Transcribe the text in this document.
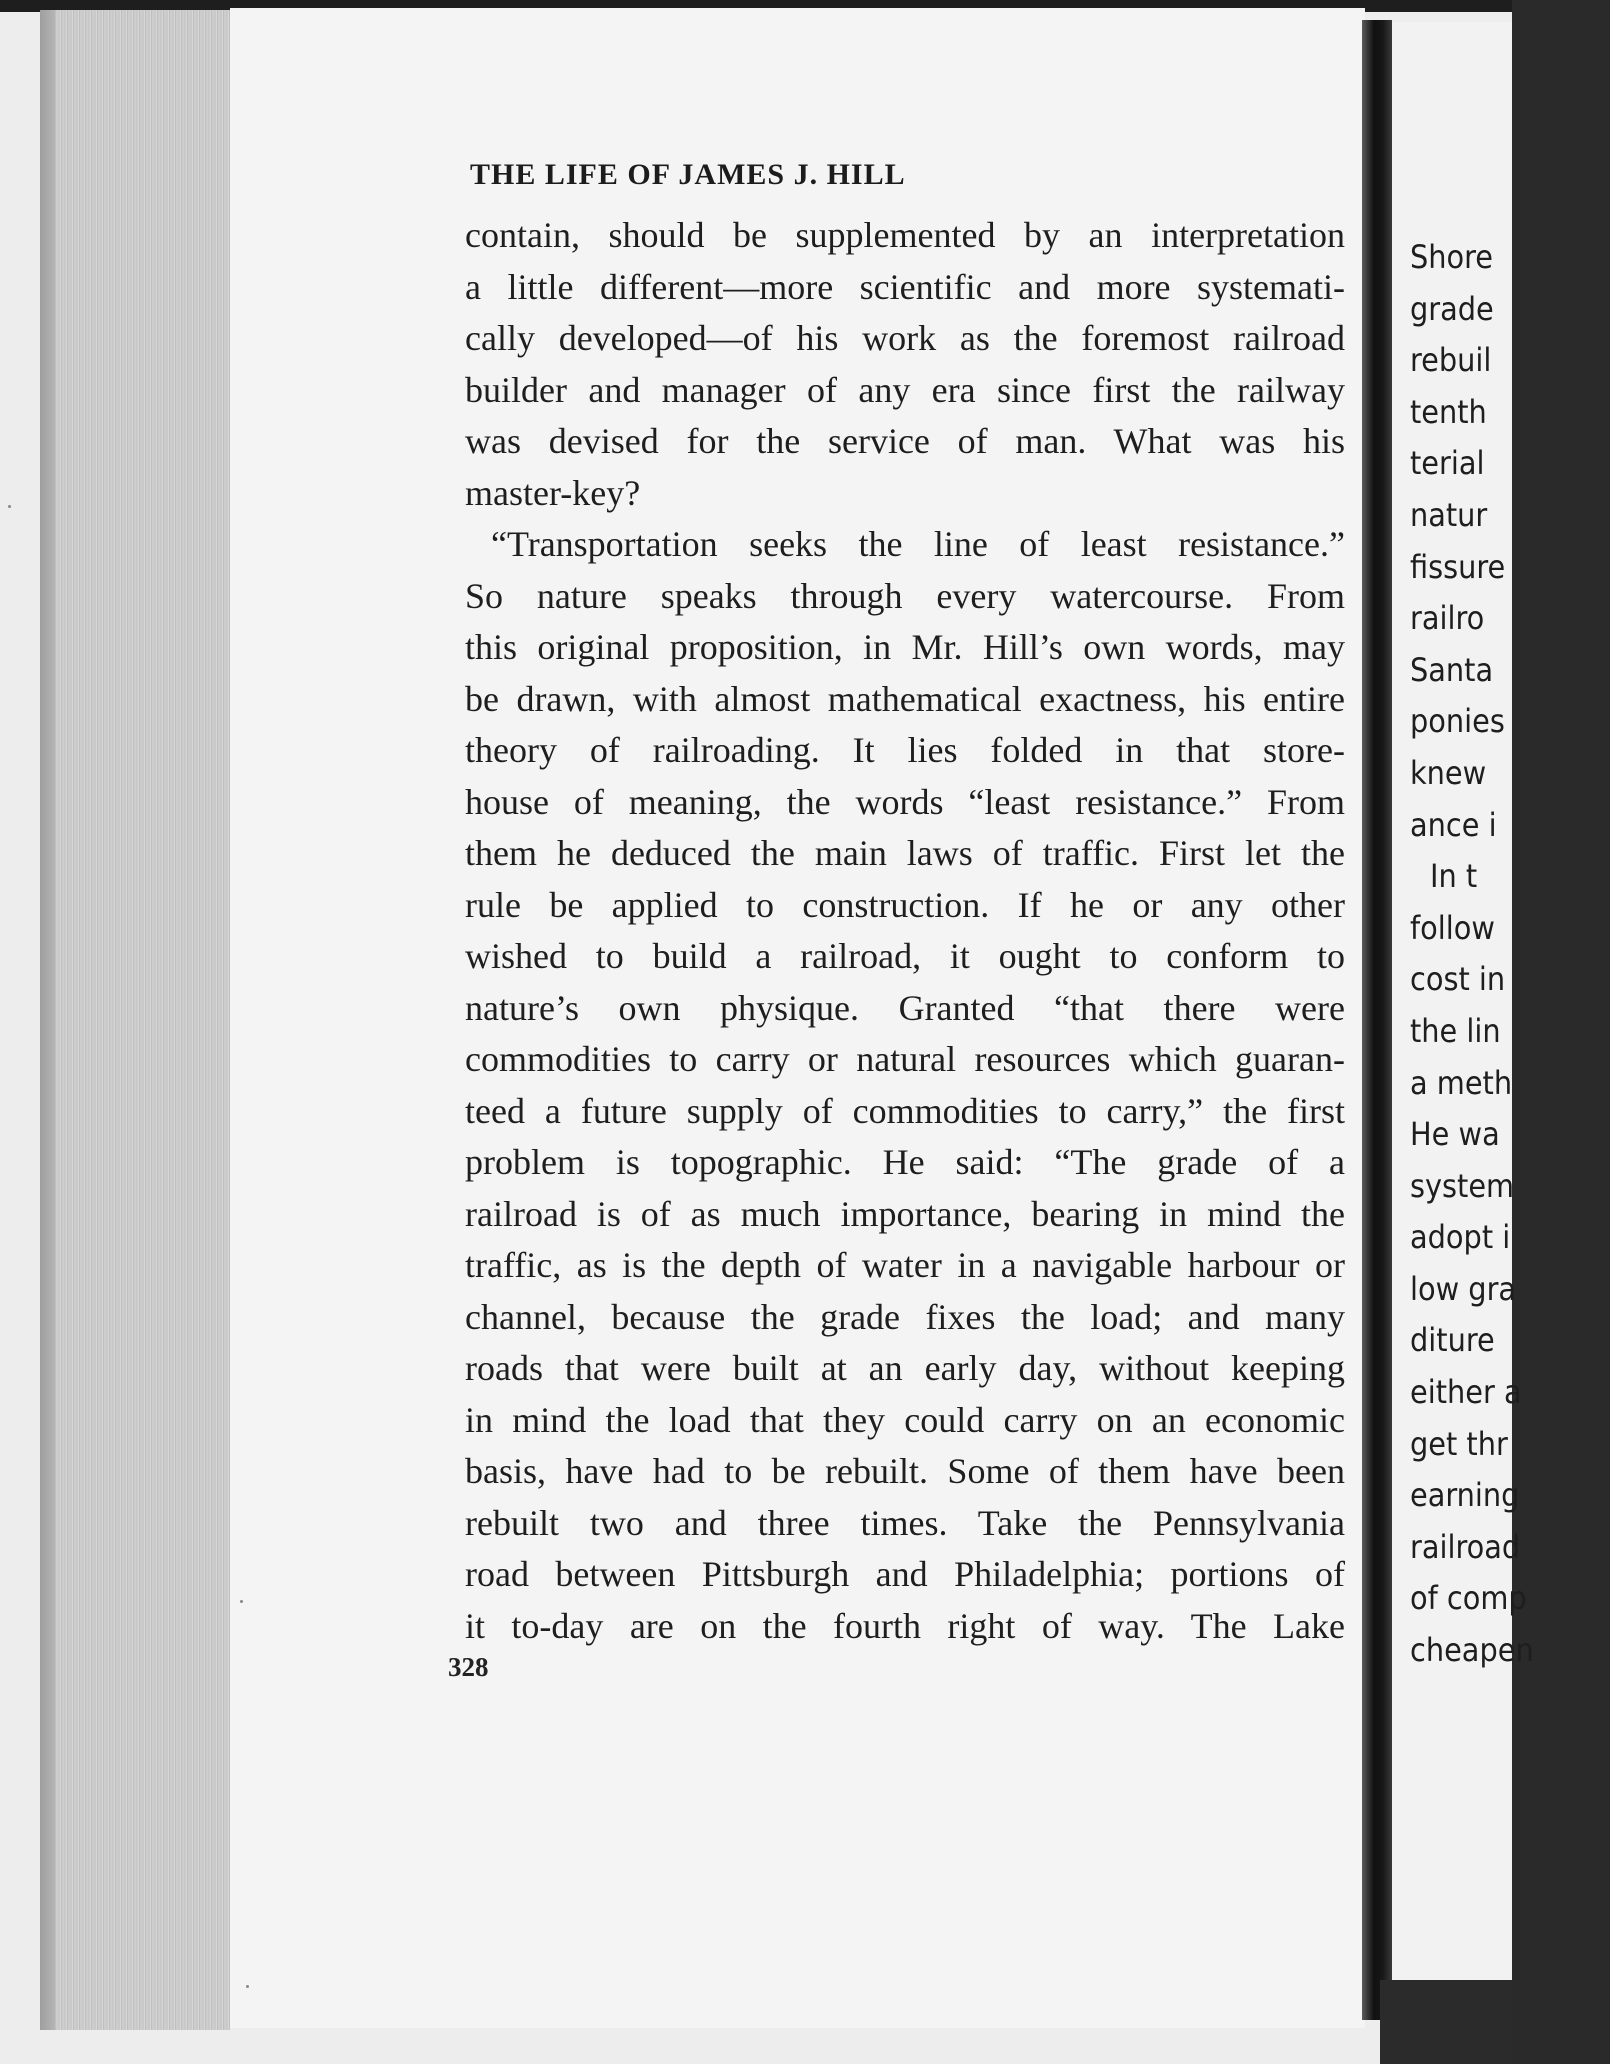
THE LIFE OF JAMES J. HILL
contain, should be supplemented by an interpretation
a little different—more scientific and more systemati-
cally developed—of his work as the foremost railroad
builder and manager of any era since first the railway
was devised for the service of man. What was his
master-key?
“Transportation seeks the line of least resistance.”
So nature speaks through every watercourse. From
this original proposition, in Mr. Hill’s own words, may
be drawn, with almost mathematical exactness, his entire
theory of railroading. It lies folded in that store-
house of meaning, the words “least resistance.” From
them he deduced the main laws of traffic. First let the
rule be applied to construction. If he or any other
wished to build a railroad, it ought to conform to
nature’s own physique. Granted “that there were
commodities to carry or natural resources which guaran-
teed a future supply of commodities to carry,” the first
problem is topographic. He said: “The grade of a
railroad is of as much importance, bearing in mind the
traffic, as is the depth of water in a navigable harbour or
channel, because the grade fixes the load; and many
roads that were built at an early day, without keeping
in mind the load that they could carry on an economic
basis, have had to be rebuilt. Some of them have been
rebuilt two and three times. Take the Pennsylvania
road between Pittsburgh and Philadelphia; portions of
it to-day are on the fourth right of way. The Lake
328
Shore
grade
rebuil
tenth
terial
natur
fissure
railro
Santa
ponies
knew
ance i
In t
follow
cost in
the lin
a meth
He wa
system
adopt i
low gra
diture
either a
get thr
earning
railroad
of comp
cheapen
